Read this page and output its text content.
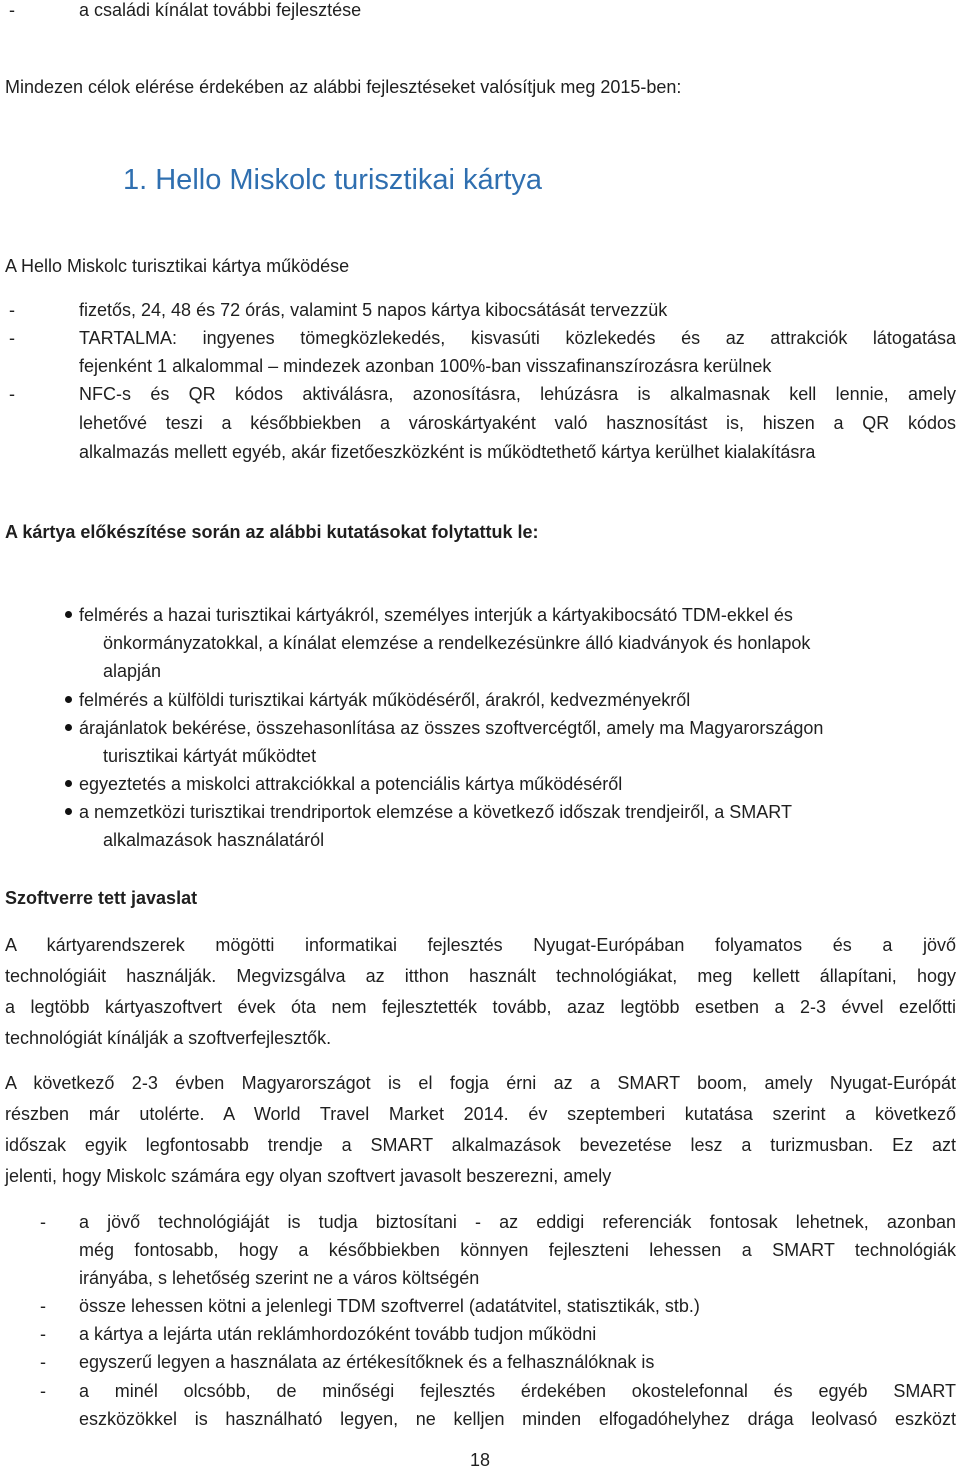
-	a családi kínálat további fejlesztése
Mindezen célok elérése érdekében az alábbi fejlesztéseket valósítjuk meg 2015-ben:
1. Hello Miskolc turisztikai kártya
A Hello Miskolc turisztikai kártya működése
-	fizetős, 24, 48 és 72 órás, valamint 5 napos kártya kibocsátását tervezzük
-	TARTALMA: ingyenes tömegközlekedés, kisvasúti közlekedés és az attrakciók látogatása
fejenként 1 alkalommal – mindezek azonban 100%-ban visszafinanszírozásra kerülnek
-	NFC-s és QR kódos aktiválásra, azonosításra, lehúzásra is alkalmasnak kell lennie, amely
lehetővé teszi a későbbiekben a városkártyaként való hasznosítást is, hiszen a QR kódos
alkalmazás mellett egyéb, akár fizetőeszközként is működtethető kártya kerülhet kialakításra
A kártya előkészítése során az alábbi kutatásokat folytattuk le:
felmérés a hazai turisztikai kártyákról, személyes interjúk a kártyakibocsátó TDM-ekkel és
önkormányzatokkal, a kínálat elemzése a rendelkezésünkre álló kiadványok és honlapok
alapján
felmérés a külföldi turisztikai kártyák működéséről, árakról, kedvezményekről
árajánlatok bekérése, összehasonlítása az összes szoftvercégtől, amely ma Magyarországon
turisztikai kártyát működtet
egyeztetés a miskolci attrakciókkal a potenciális kártya működéséről
a nemzetközi turisztikai trendriportok elemzése a következő időszak trendjeiről, a SMART
alkalmazások használatáról
Szoftverre tett javaslat
A kártyarendszerek mögötti informatikai fejlesztés Nyugat-Európában folyamatos és a jövő
technológiáit használják. Megvizsgálva az itthon használt technológiákat, meg kellett állapítani, hogy
a legtöbb kártyaszoftvert évek óta nem fejlesztették tovább, azaz legtöbb esetben a 2-3 évvel ezelőtti
technológiát kínálják a szoftverfejlesztők.
A következő 2-3 évben Magyarországot is el fogja érni az a SMART boom, amely Nyugat-Európát
részben már utolérte. A World Travel Market 2014. év szeptemberi kutatása szerint a következő
időszak egyik legfontosabb trendje a SMART alkalmazások bevezetése lesz a turizmusban. Ez azt
jelenti, hogy Miskolc számára egy olyan szoftvert javasolt beszerezni, amely
- a jövő technológiáját is tudja biztosítani - az eddigi referenciák fontosak lehetnek, azonban
még fontosabb, hogy a későbbiekben könnyen fejleszteni lehessen a SMART technológiák
irányába, s lehetőség szerint ne a város költségén
- össze lehessen kötni a jelenlegi TDM szoftverrel (adatátvitel, statisztikák, stb.)
- a kártya a lejárta után reklámhordozóként tovább tudjon működni
- egyszerű legyen a használata az értékesítőknek és a felhasználóknak is
- a minél olcsóbb, de minőségi fejlesztés érdekében okostelefonnal és egyéb SMART
eszközökkel is használható legyen, ne kelljen minden elfogadóhelyhez drága leolvasó eszközt
18
